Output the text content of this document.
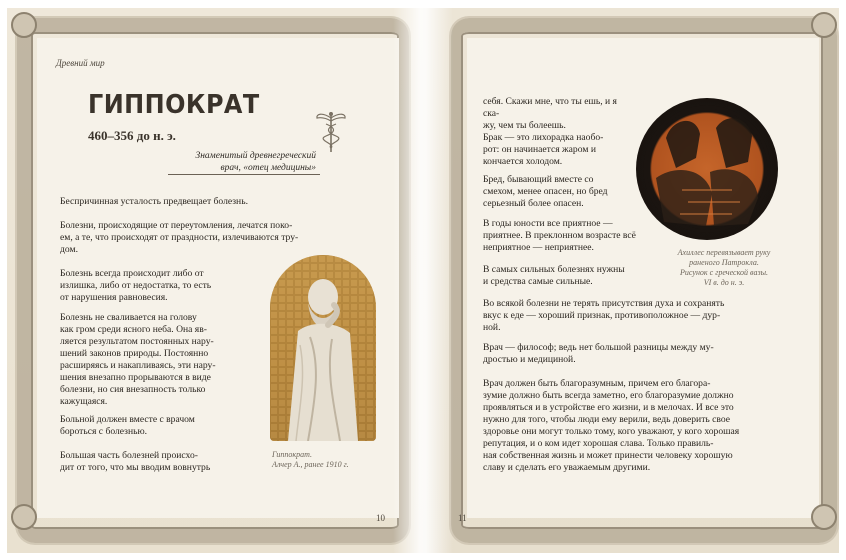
Древний мир
ГИППОКРАТ
460–356 до н. э.
Знаменитый древнегреческий
врач, «отец медицины»
Беспричинная усталость предвещает болезнь.
Болезни, происходящие от переутомления, лечатся поко-
ем, а те, что происходят от праздности, излечиваются тру-
дом.
Болезнь всегда происходит либо от
излишка, либо от недостатка, то есть
от нарушения равновесия.
Болезнь не сваливается на голову
как гром среди ясного неба. Она яв-
ляется результатом постоянных нару-
шений законов природы. Постоянно
расширяясь и накапливаясь, эти нару-
шения внезапно прорываются в виде
болезни, но сия внезапность только
кажущаяся.
Больной должен вместе с врачом
бороться с болезнью.
Большая часть болезней происхо-
дит от того, что мы вводим вовнутрь
Гиппократ.
Алчер А., ранее 1910 г.
10
себя. Скажи мне, что ты ешь, и я ска-
жу, чем ты болеешь.
Брак — это лихорадка наобо-
рот: он начинается жаром и
кончается холодом.
Бред, бывающий вместе со
смехом, менее опасен, но бред
серьезный более опасен.
В годы юности все приятное —
приятнее. В преклонном возрасте всё
неприятное — неприятнее.
В самых сильных болезнях нужны
и средства самые сильные.
Ахиллес перевязывает руку
раненого Патрокла.
Рисунок с греческой вазы.
VI в. до н. э.
Во всякой болезни не терять присутствия духа и сохранять
вкус к еде — хороший признак, противоположное — дур-
ной.
Врач — философ; ведь нет большой разницы между му-
дростью и медициной.
Врач должен быть благоразумным, причем его благора-
зумие должно быть всегда заметно, его благоразумие должно
проявляться и в устройстве его жизни, и в мелочах. И все это
нужно для того, чтобы люди ему верили, ведь доверить свое
здоровье они могут только тому, кого уважают, у кого хорошая
репутация, и о ком идет хорошая слава. Только правиль-
ная собственная жизнь и может принести человеку хорошую
славу и сделать его уважаемым другими.
11
